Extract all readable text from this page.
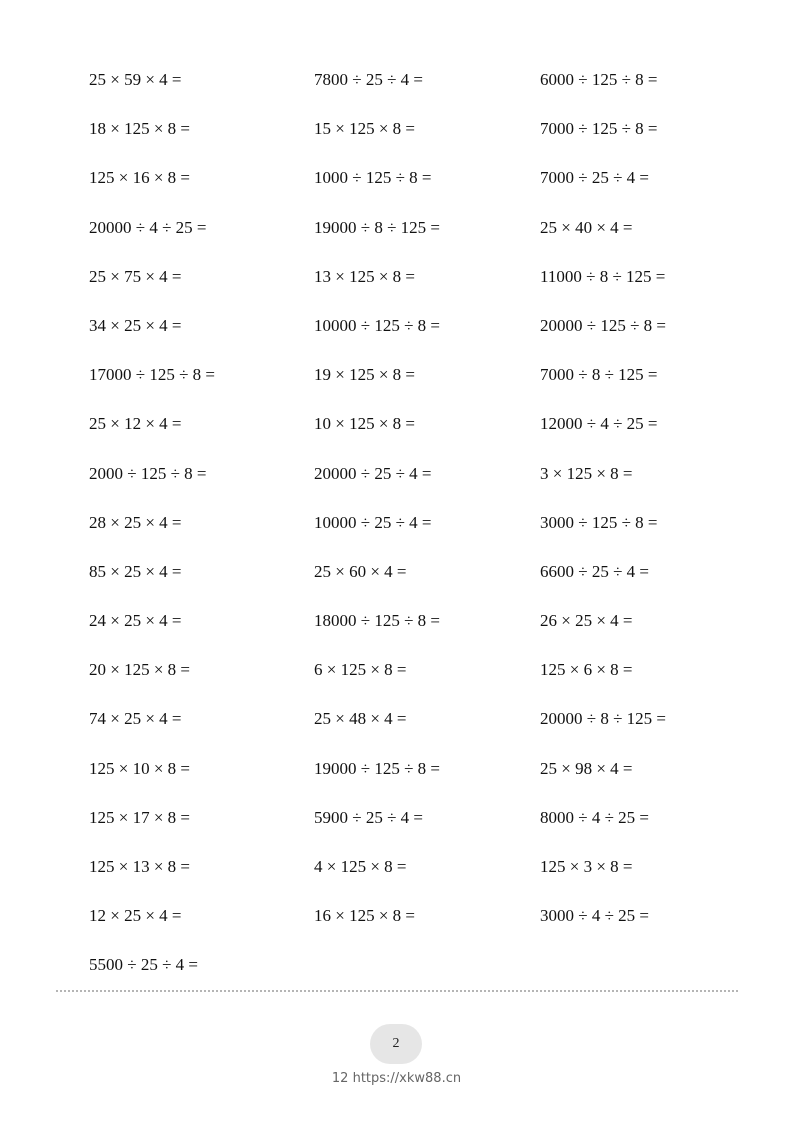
25 × 59 × 4 =	7800 ÷ 25 ÷ 4 =	6000 ÷ 125 ÷ 8 =
18 × 125 × 8 =	15 × 125 × 8 =	7000 ÷ 125 ÷ 8 =
125 × 16 × 8 =	1000 ÷ 125 ÷ 8 =	7000 ÷ 25 ÷ 4 =
20000 ÷ 4 ÷ 25 =	19000 ÷ 8 ÷ 125 =	25 × 40 × 4 =
25 × 75 × 4 =	13 × 125 × 8 =	11000 ÷ 8 ÷ 125 =
34 × 25 × 4 =	10000 ÷ 125 ÷ 8 =	20000 ÷ 125 ÷ 8 =
17000 ÷ 125 ÷ 8 =	19 × 125 × 8 =	7000 ÷ 8 ÷ 125 =
25 × 12 × 4 =	10 × 125 × 8 =	12000 ÷ 4 ÷ 25 =
2000 ÷ 125 ÷ 8 =	20000 ÷ 25 ÷ 4 =	3 × 125 × 8 =
28 × 25 × 4 =	10000 ÷ 25 ÷ 4 =	3000 ÷ 125 ÷ 8 =
85 × 25 × 4 =	25 × 60 × 4 =	6600 ÷ 25 ÷ 4 =
24 × 25 × 4 =	18000 ÷ 125 ÷ 8 =	26 × 25 × 4 =
20 × 125 × 8 =	6 × 125 × 8 =	125 × 6 × 8 =
74 × 25 × 4 =	25 × 48 × 4 =	20000 ÷ 8 ÷ 125 =
125 × 10 × 8 =	19000 ÷ 125 ÷ 8 =	25 × 98 × 4 =
125 × 17 × 8 =	5900 ÷ 25 ÷ 4 =	8000 ÷ 4 ÷ 25 =
125 × 13 × 8 =	4 × 125 × 8 =	125 × 3 × 8 =
12 × 25 × 4 =	16 × 125 × 8 =	3000 ÷ 4 ÷ 25 =
5500 ÷ 25 ÷ 4 =
2
12 https://xkw88.cn
